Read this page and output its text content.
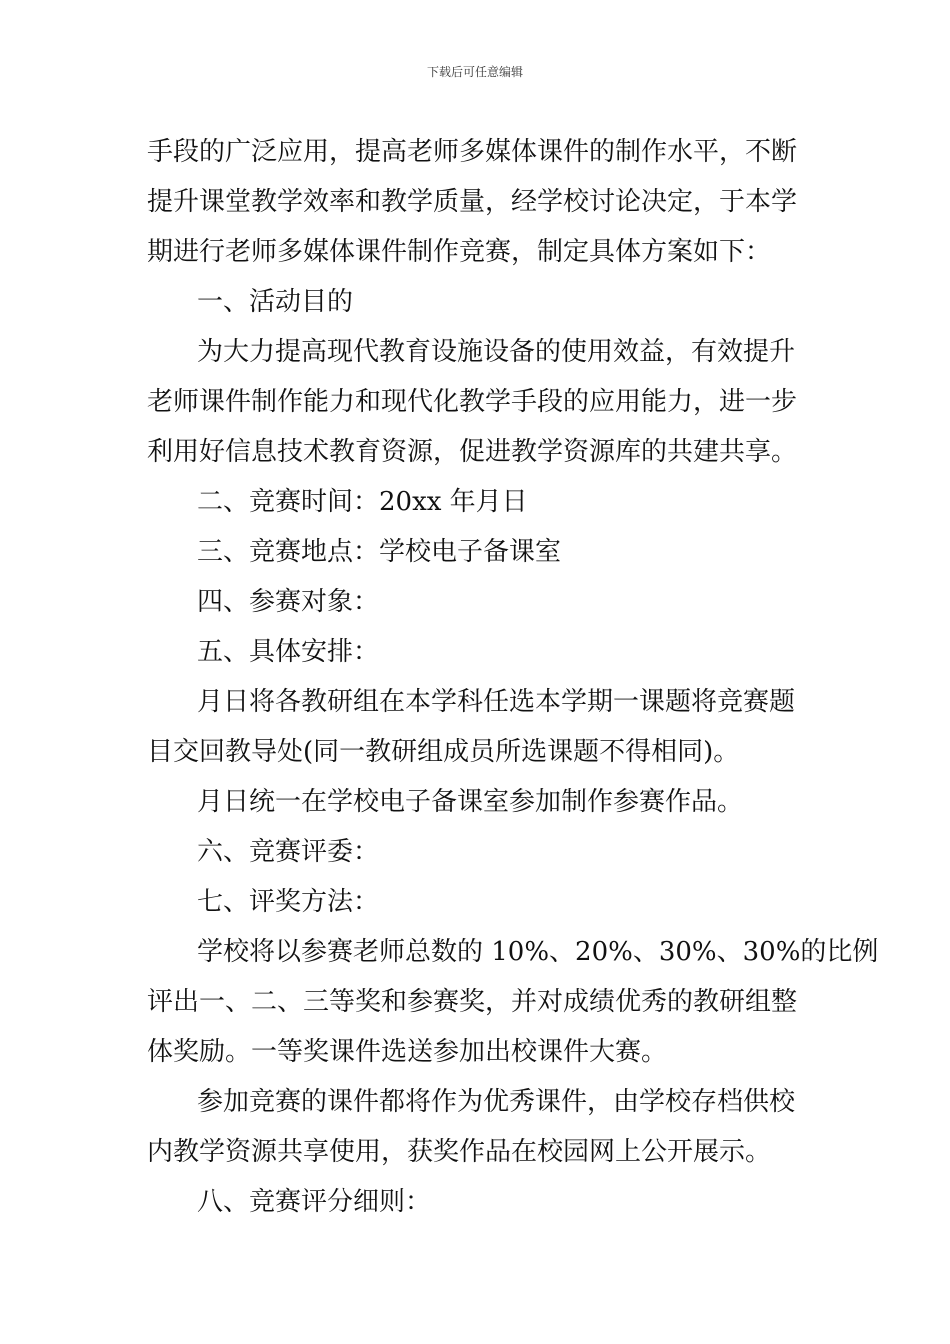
下载后可任意编辑
手段的广泛应用，提高老师多媒体课件的制作水平，不断
提升课堂教学效率和教学质量，经学校讨论决定，于本学
期进行老师多媒体课件制作竞赛，制定具体方案如下：
一、活动目的
为大力提高现代教育设施设备的使用效益，有效提升
老师课件制作能力和现代化教学手段的应用能力，进一步
利用好信息技术教育资源，促进教学资源库的共建共享。
二、竞赛时间：20xx 年月日
三、竞赛地点：学校电子备课室
四、参赛对象：
五、具体安排：
月日将各教研组在本学科任选本学期一课题将竞赛题
目交回教导处(同一教研组成员所选课题不得相同)。
月日统一在学校电子备课室参加制作参赛作品。
六、竞赛评委：
七、评奖方法：
学校将以参赛老师总数的 10%、20%、30%、30%的比例
评出一、二、三等奖和参赛奖，并对成绩优秀的教研组整
体奖励。一等奖课件选送参加出校课件大赛。
参加竞赛的课件都将作为优秀课件，由学校存档供校
内教学资源共享使用，获奖作品在校园网上公开展示。
八、竞赛评分细则：
